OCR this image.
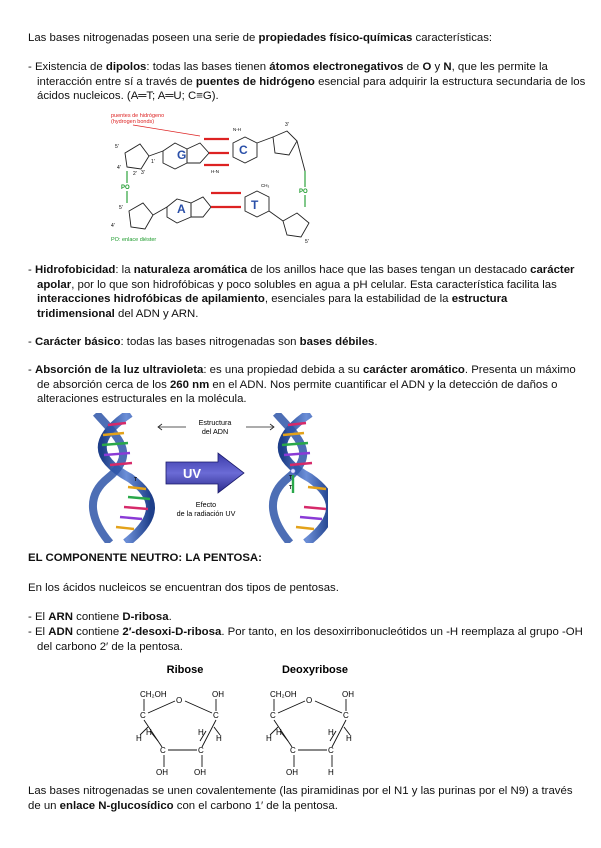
Las bases nitrogenadas poseen una serie de propiedades físico-químicas características:
- Existencia de dipolos: todas las bases tienen átomos electronegativos de O y N, que les permite la interacción entre sí a través de puentes de hidrógeno esencial para adquirir la estructura secundaria de los ácidos nucleicos. (A═T; A═U; C≡G).
puentes de hidrógeno
(hydrogen bonds)
G	C
5'
3'
4'
2'
1'
N-H
H-N
3'
PO
PO
A	T
CH₃
4'
5'
5'
PO: enlace diéster
- Hidrofobicidad: la naturaleza aromática de los anillos hace que las bases tengan un destacado carácter apolar, por lo que son hidrofóbicas y poco solubles en agua a pH celular. Esta característica facilita las interacciones hidrofóbicas de apilamiento, esenciales para la estabilidad de la estructura tridimensional del ADN y ARN.
- Carácter básico: todas las bases nitrogenadas son bases débiles.
- Absorción de la luz ultravioleta: es una propiedad debida a su carácter aromático. Presenta un máximo de absorción cerca de los 260 nm en el ADN. Nos permite cuantificar el ADN y la detección de daños o alteraciones estructurales en la molécula.
Estructura
del ADN
UV
Efecto
de la radiación UV
T
T
T
EL COMPONENTE NEUTRO: LA PENTOSA:
En los ácidos nucleicos se encuentran dos tipos de pentosas.
- El ARN contiene D-ribosa.
- El ADN contiene 2′-desoxi-D-ribosa. Por tanto, en los desoxirribonucleótidos un -H reemplaza al grupo -OH del carbono 2′ de la pentosa.
Ribose	Deoxyribose
CH₂OH
O
OH
C	C
H	H
H	H
C	C
OH	OH
CH₂OH
O
OH
C	C
H	H
H	H
C	C
OH	H
Las bases nitrogenadas se unen covalentemente (las piramidinas por el N1 y las purinas por el N9) a través de un enlace N-glucosídico con el carbono 1′ de la pentosa.
